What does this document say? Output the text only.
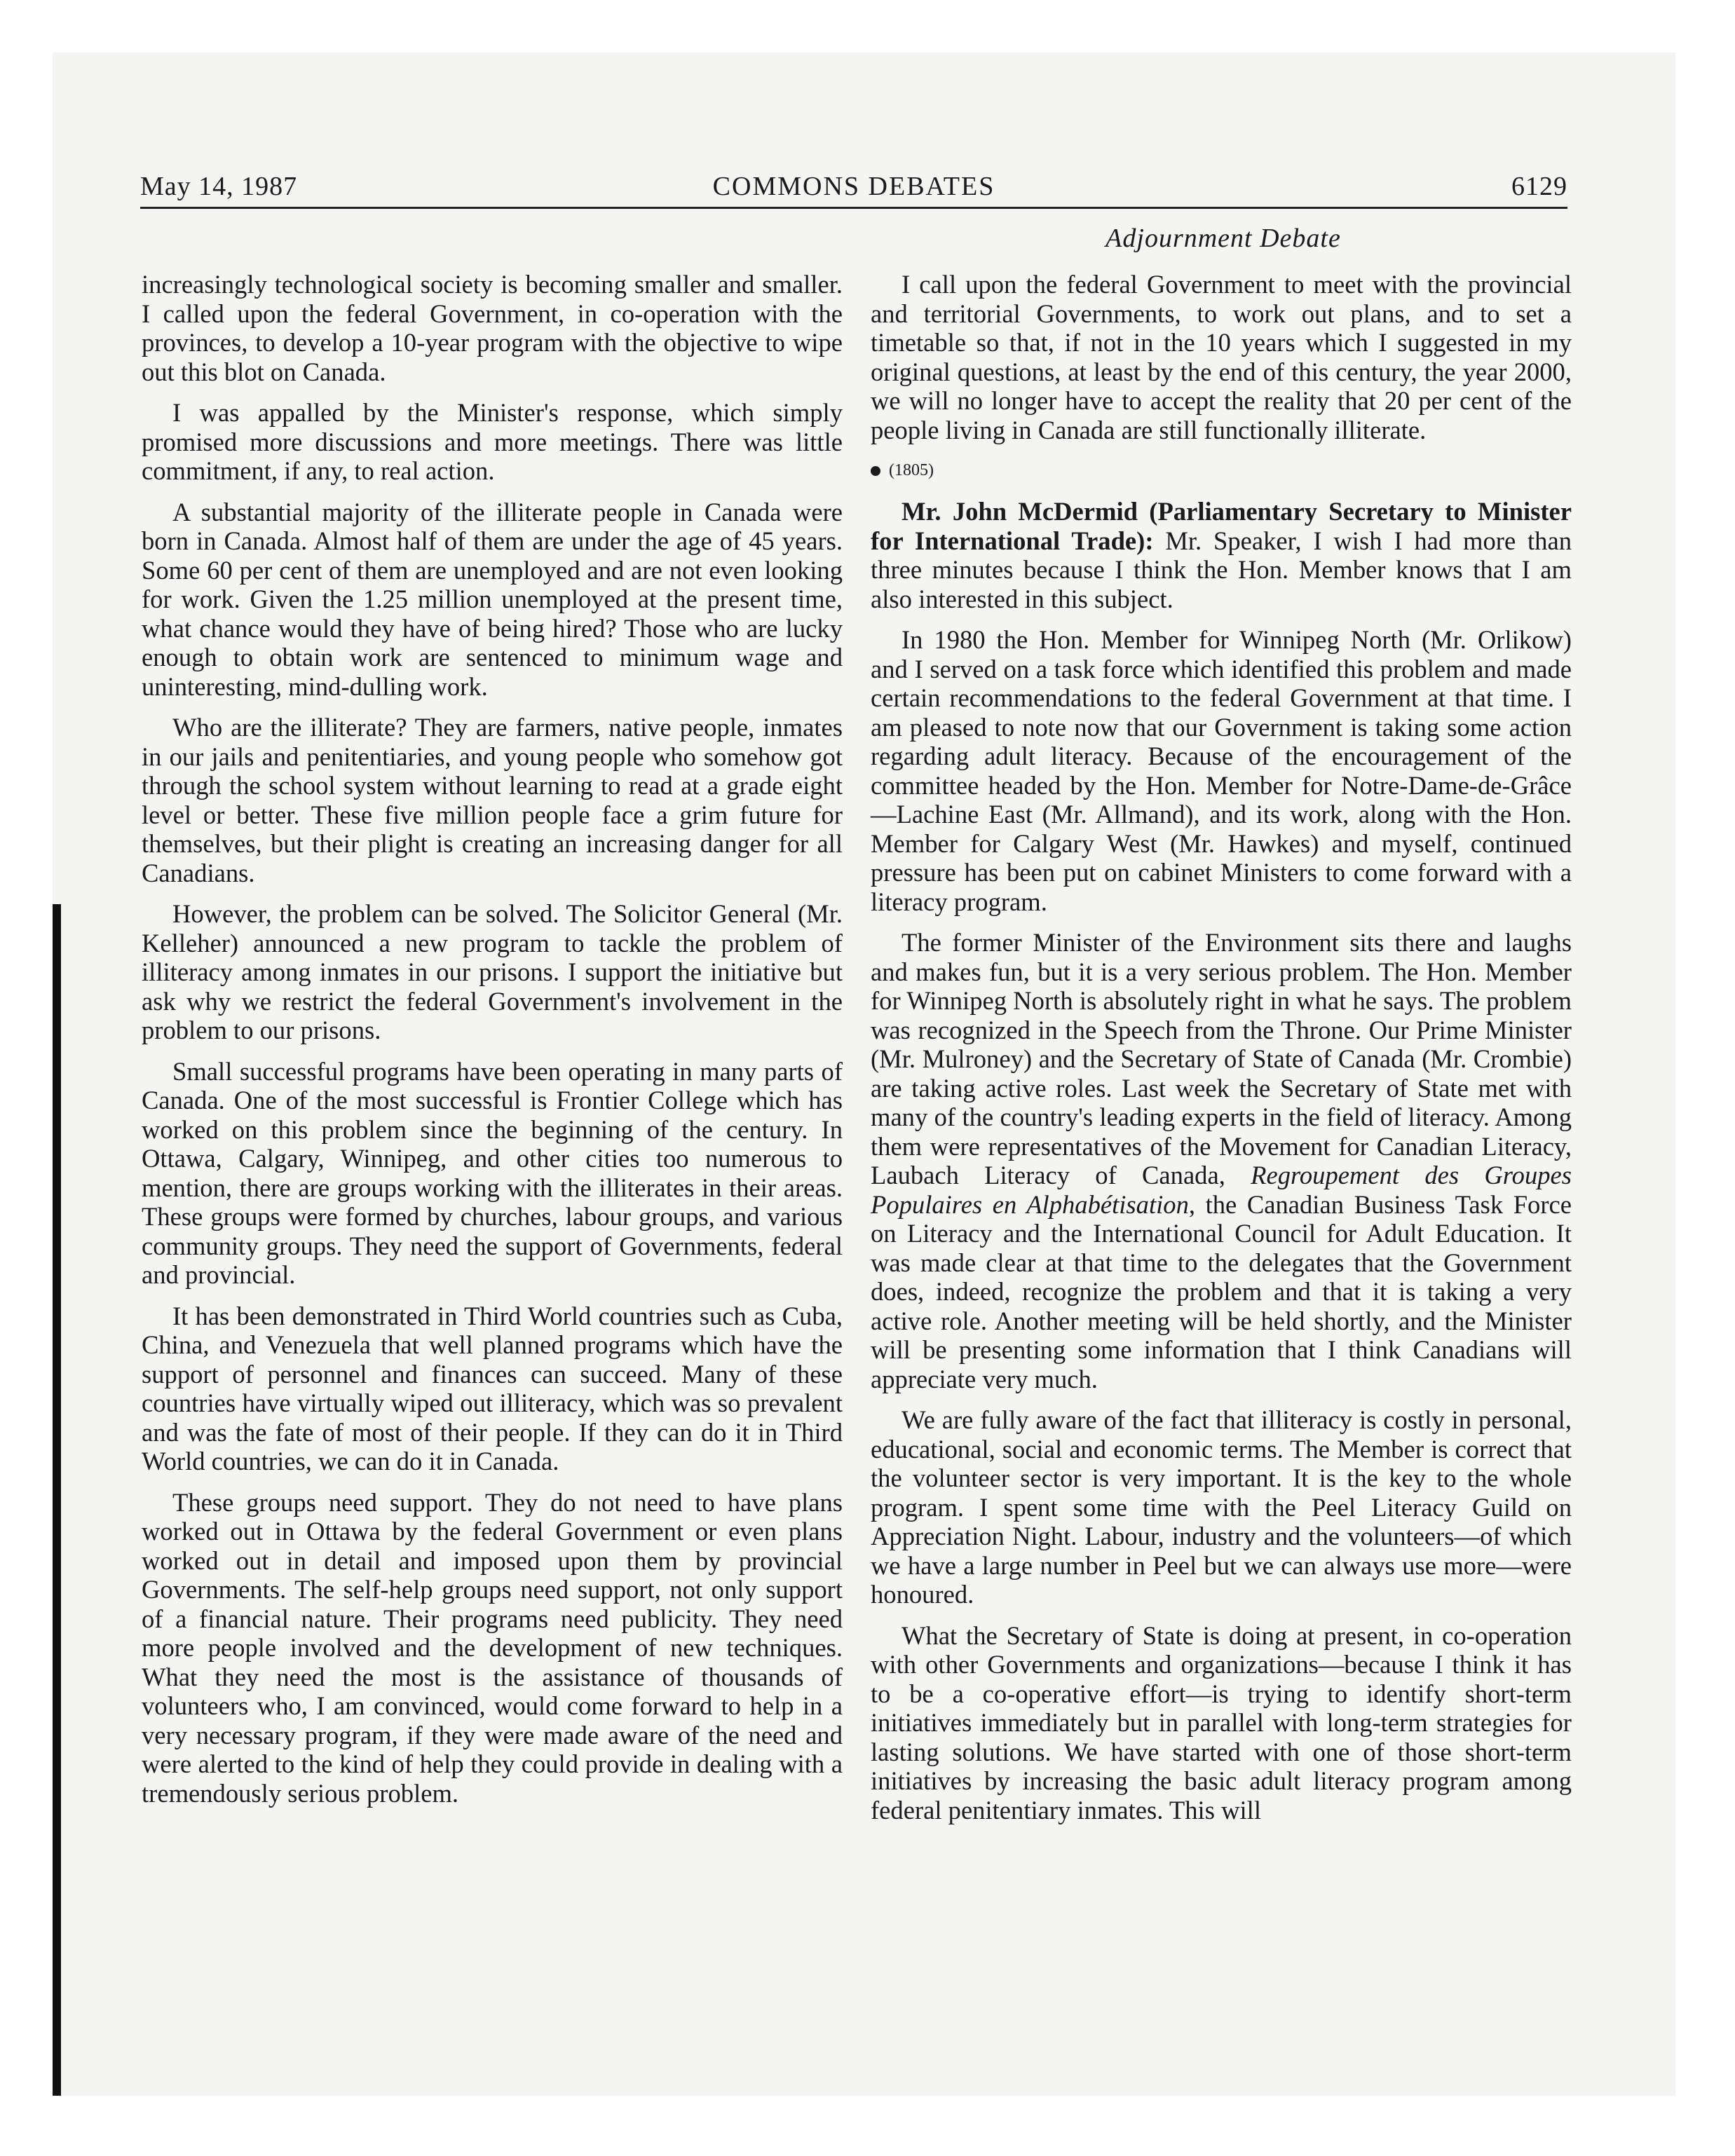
May 14, 1987	COMMONS DEBATES	6129
Adjournment Debate

increasingly technological society is becoming smaller and smaller. I called upon the federal Government, in co-operation with the provinces, to develop a 10-year program with the objective to wipe out this blot on Canada.

I was appalled by the Minister's response, which simply promised more discussions and more meetings. There was little commitment, if any, to real action.

A substantial majority of the illiterate people in Canada were born in Canada. Almost half of them are under the age of 45 years. Some 60 per cent of them are unemployed and are not even looking for work. Given the 1.25 million unemployed at the present time, what chance would they have of being hired? Those who are lucky enough to obtain work are sentenced to minimum wage and uninteresting, mind-dulling work.

Who are the illiterate? They are farmers, native people, inmates in our jails and penitentiaries, and young people who somehow got through the school system without learning to read at a grade eight level or better. These five million people face a grim future for themselves, but their plight is creating an increasing danger for all Canadians.

However, the problem can be solved. The Solicitor General (Mr. Kelleher) announced a new program to tackle the problem of illiteracy among inmates in our prisons. I support the initiative but ask why we restrict the federal Government's involvement in the problem to our prisons.

Small successful programs have been operating in many parts of Canada. One of the most successful is Frontier College which has worked on this problem since the beginning of the century. In Ottawa, Calgary, Winnipeg, and other cities too numerous to mention, there are groups working with the illiterates in their areas. These groups were formed by churches, labour groups, and various community groups. They need the support of Governments, federal and provincial.

It has been demonstrated in Third World countries such as Cuba, China, and Venezuela that well planned programs which have the support of personnel and finances can succeed. Many of these countries have virtually wiped out illiteracy, which was so prevalent and was the fate of most of their people. If they can do it in Third World countries, we can do it in Canada.

These groups need support. They do not need to have plans worked out in Ottawa by the federal Government or even plans worked out in detail and imposed upon them by provincial Governments. The self-help groups need support, not only support of a financial nature. Their programs need publicity. They need more people involved and the development of new techniques. What they need the most is the assistance of thousands of volunteers who, I am convinced, would come forward to help in a very necessary program, if they were made aware of the need and were alerted to the kind of help they could provide in dealing with a tremendously serious problem.

I call upon the federal Government to meet with the provincial and territorial Governments, to work out plans, and to set a timetable so that, if not in the 10 years which I suggested in my original questions, at least by the end of this century, the year 2000, we will no longer have to accept the reality that 20 per cent of the people living in Canada are still functionally illiterate.

(1805)

Mr. John McDermid (Parliamentary Secretary to Minister for International Trade): Mr. Speaker, I wish I had more than three minutes because I think the Hon. Member knows that I am also interested in this subject.

In 1980 the Hon. Member for Winnipeg North (Mr. Orlikow) and I served on a task force which identified this problem and made certain recommendations to the federal Government at that time. I am pleased to note now that our Government is taking some action regarding adult literacy. Because of the encouragement of the committee headed by the Hon. Member for Notre-Dame-de-Grâce—Lachine East (Mr. Allmand), and its work, along with the Hon. Member for Calgary West (Mr. Hawkes) and myself, continued pressure has been put on cabinet Ministers to come forward with a literacy program.

The former Minister of the Environment sits there and laughs and makes fun, but it is a very serious problem. The Hon. Member for Winnipeg North is absolutely right in what he says. The problem was recognized in the Speech from the Throne. Our Prime Minister (Mr. Mulroney) and the Secretary of State of Canada (Mr. Crombie) are taking active roles. Last week the Secretary of State met with many of the country's leading experts in the field of literacy. Among them were representatives of the Movement for Canadian Literacy, Laubach Literacy of Canada, Regroupement des Groupes Populaires en Alphabétisation, the Canadian Business Task Force on Literacy and the International Council for Adult Education. It was made clear at that time to the delegates that the Government does, indeed, recognize the problem and that it is taking a very active role. Another meeting will be held shortly, and the Minister will be presenting some information that I think Canadians will appreciate very much.

We are fully aware of the fact that illiteracy is costly in personal, educational, social and economic terms. The Member is correct that the volunteer sector is very important. It is the key to the whole program. I spent some time with the Peel Literacy Guild on Appreciation Night. Labour, industry and the volunteers—of which we have a large number in Peel but we can always use more—were honoured.

What the Secretary of State is doing at present, in co-operation with other Governments and organizations—because I think it has to be a co-operative effort—is trying to identify short-term initiatives immediately but in parallel with long-term strategies for lasting solutions. We have started with one of those short-term initiatives by increasing the basic adult literacy program among federal penitentiary inmates. This will
